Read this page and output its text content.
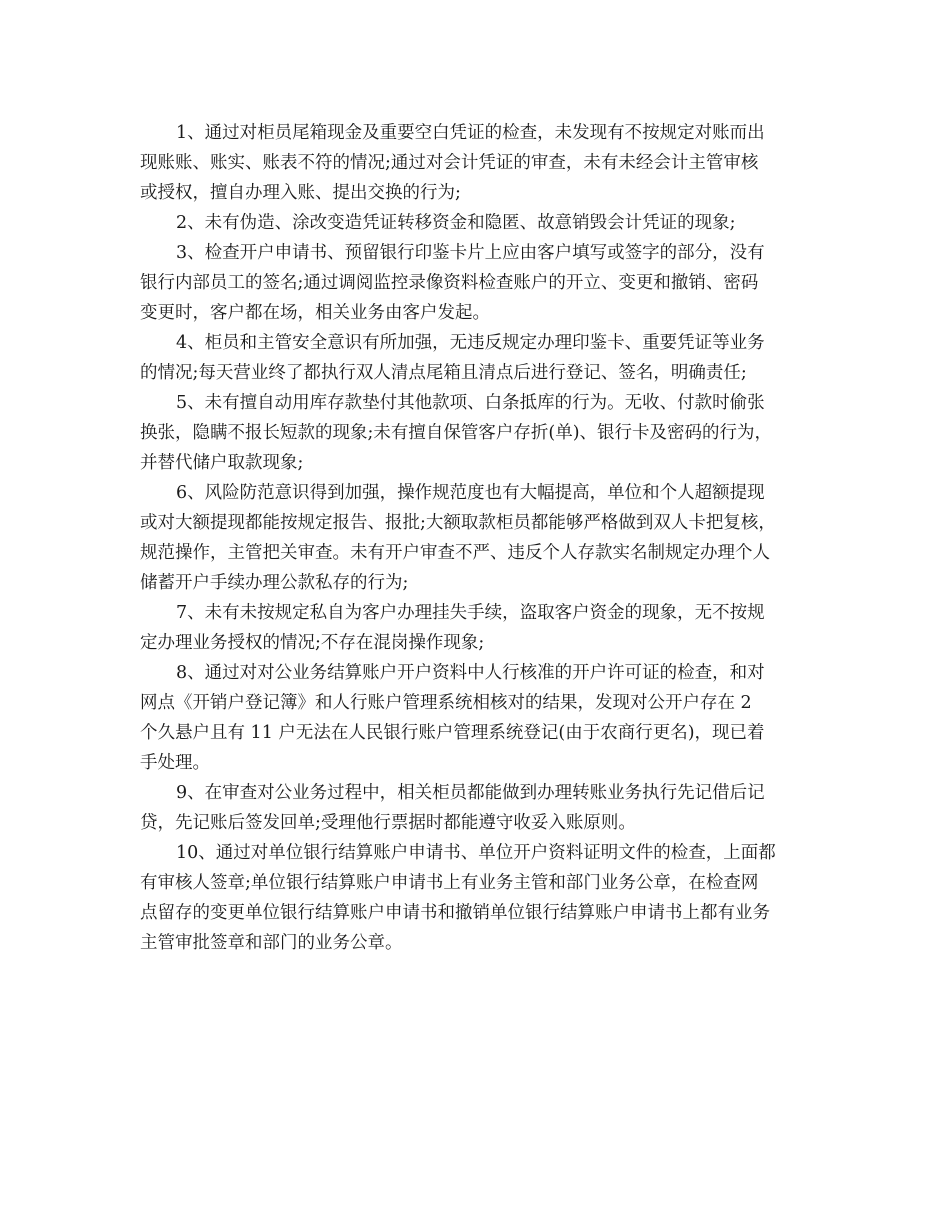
1、通过对柜员尾箱现金及重要空白凭证的检查，未发现有不按规定对账而出
现账账、账实、账表不符的情况;通过对会计凭证的审查，未有未经会计主管审核
或授权，擅自办理入账、提出交换的行为;
2、未有伪造、涂改变造凭证转移资金和隐匿、故意销毁会计凭证的现象;
3、检查开户申请书、预留银行印鉴卡片上应由客户填写或签字的部分，没有
银行内部员工的签名;通过调阅监控录像资料检查账户的开立、变更和撤销、密码
变更时，客户都在场，相关业务由客户发起。
4、柜员和主管安全意识有所加强，无违反规定办理印鉴卡、重要凭证等业务
的情况;每天营业终了都执行双人清点尾箱且清点后进行登记、签名，明确责任;
5、未有擅自动用库存款垫付其他款项、白条抵库的行为。无收、付款时偷张
换张，隐瞒不报长短款的现象;未有擅自保管客户存折(单)、银行卡及密码的行为，
并替代储户取款现象;
6、风险防范意识得到加强，操作规范度也有大幅提高，单位和个人超额提现
或对大额提现都能按规定报告、报批;大额取款柜员都能够严格做到双人卡把复核，
规范操作，主管把关审查。未有开户审查不严、违反个人存款实名制规定办理个人
储蓄开户手续办理公款私存的行为;
7、未有未按规定私自为客户办理挂失手续，盗取客户资金的现象，无不按规
定办理业务授权的情况;不存在混岗操作现象;
8、通过对对公业务结算账户开户资料中人行核准的开户许可证的检查，和对
网点《开销户登记簿》和人行账户管理系统相核对的结果，发现对公开户存在 2
个久悬户且有 11 户无法在人民银行账户管理系统登记(由于农商行更名)，现已着
手处理。
9、在审查对公业务过程中，相关柜员都能做到办理转账业务执行先记借后记
贷，先记账后签发回单;受理他行票据时都能遵守收妥入账原则。
10、通过对单位银行结算账户申请书、单位开户资料证明文件的检查，上面都
有审核人签章;单位银行结算账户申请书上有业务主管和部门业务公章，在检查网
点留存的变更单位银行结算账户申请书和撤销单位银行结算账户申请书上都有业务
主管审批签章和部门的业务公章。
